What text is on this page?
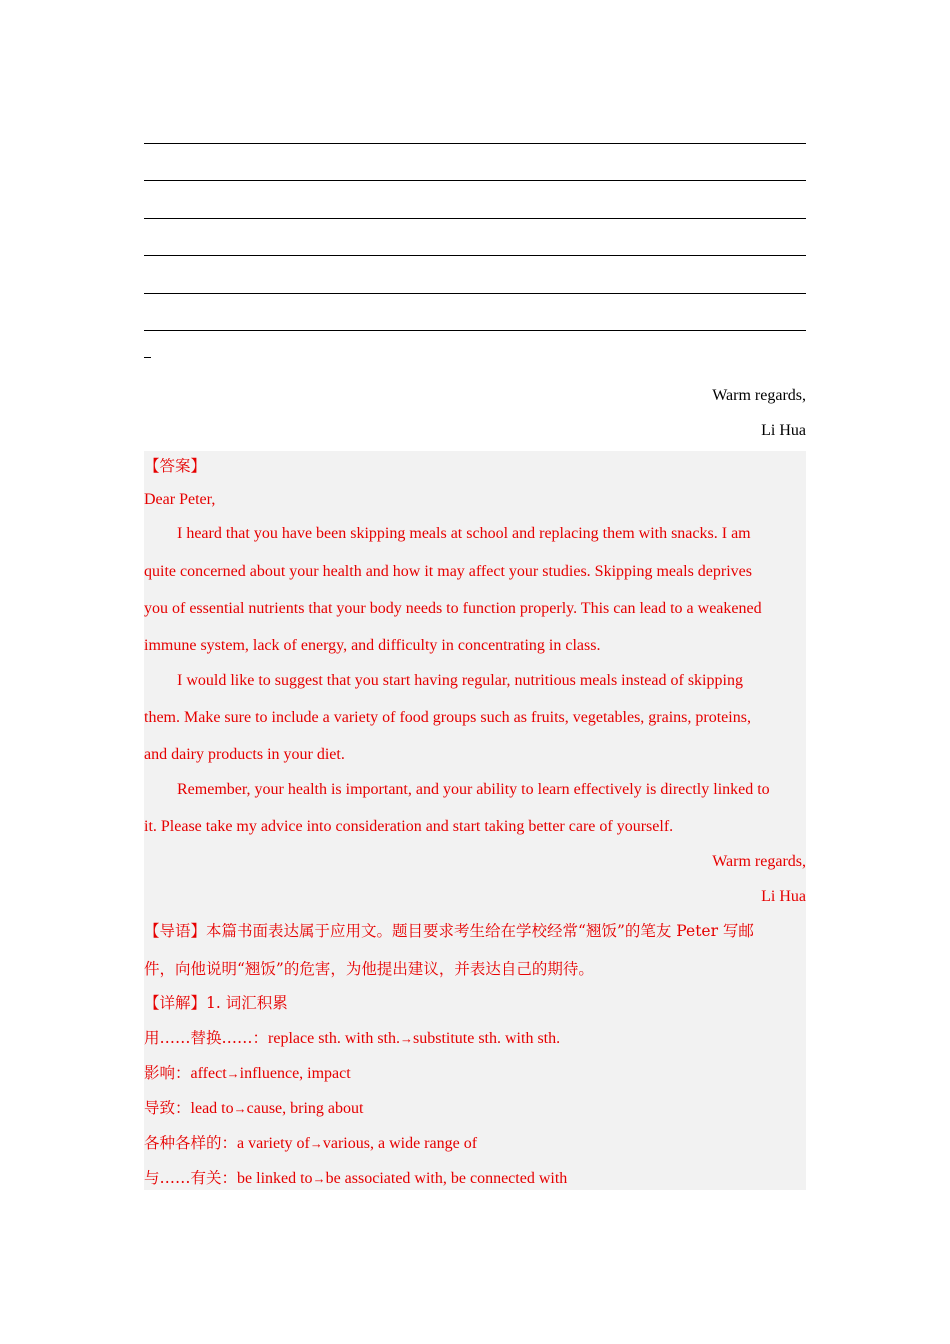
Warm regards,
Li Hua
【答案】
Dear Peter,
I heard that you have been skipping meals at school and replacing them with snacks. I am
quite concerned about your health and how it may affect your studies. Skipping meals deprives
you of essential nutrients that your body needs to function properly. This can lead to a weakened
immune system, lack of energy, and difficulty in concentrating in class.
I would like to suggest that you start having regular, nutritious meals instead of skipping
them. Make sure to include a variety of food groups such as fruits, vegetables, grains, proteins,
and dairy products in your diet.
Remember, your health is important, and your ability to learn effectively is directly linked to
it. Please take my advice into consideration and start taking better care of yourself.
Warm regards,
Li Hua
【导语】本篇书面表达属于应用文。题目要求考生给在学校经常“翘饭”的笔友 Peter 写邮
件，向他说明“翘饭”的危害，为他提出建议，并表达自己的期待。
【详解】1. 词汇积累
用……替换……：replace sth. with sth.→substitute sth. with sth.
影响：affect→influence, impact
导致：lead to→cause, bring about
各种各样的：a variety of→various, a wide range of
与……有关：be linked to→be associated with, be connected with
